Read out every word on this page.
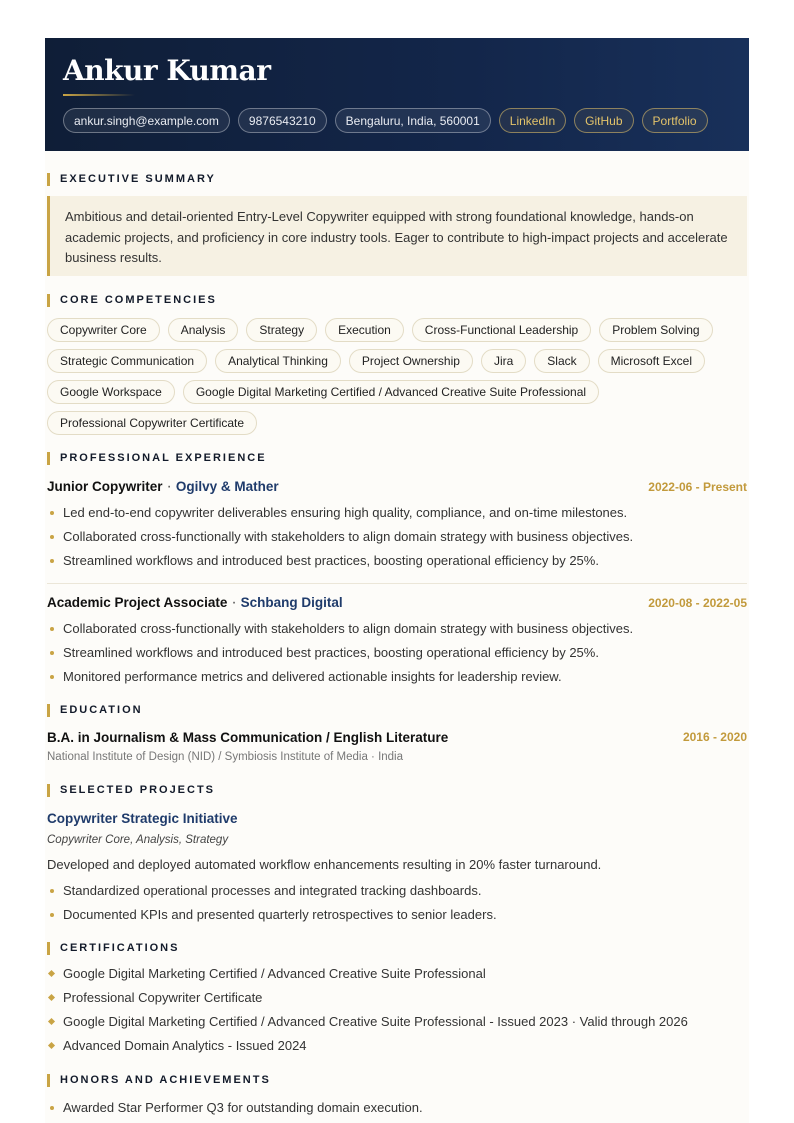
Ankur Kumar
ankur.singh@example.com	9876543210	Bengaluru, India, 560001	LinkedIn	GitHub	Portfolio
EXECUTIVE SUMMARY
Ambitious and detail-oriented Entry-Level Copywriter equipped with strong foundational knowledge, hands-on academic projects, and proficiency in core industry tools. Eager to contribute to high-impact projects and accelerate business results.
CORE COMPETENCIES
Copywriter Core	Analysis	Strategy	Execution	Cross-Functional Leadership	Problem Solving
Strategic Communication	Analytical Thinking	Project Ownership	Jira	Slack	Microsoft Excel
Google Workspace	Google Digital Marketing Certified / Advanced Creative Suite Professional
Professional Copywriter Certificate
PROFESSIONAL EXPERIENCE
Junior Copywriter · Ogilvy & Mather	2022-06 - Present
Led end-to-end copywriter deliverables ensuring high quality, compliance, and on-time milestones.
Collaborated cross-functionally with stakeholders to align domain strategy with business objectives.
Streamlined workflows and introduced best practices, boosting operational efficiency by 25%.
Academic Project Associate · Schbang Digital	2020-08 - 2022-05
Collaborated cross-functionally with stakeholders to align domain strategy with business objectives.
Streamlined workflows and introduced best practices, boosting operational efficiency by 25%.
Monitored performance metrics and delivered actionable insights for leadership review.
EDUCATION
B.A. in Journalism & Mass Communication / English Literature	2016 - 2020
National Institute of Design (NID) / Symbiosis Institute of Media · India
SELECTED PROJECTS
Copywriter Strategic Initiative
Copywriter Core, Analysis, Strategy
Developed and deployed automated workflow enhancements resulting in 20% faster turnaround.
Standardized operational processes and integrated tracking dashboards.
Documented KPIs and presented quarterly retrospectives to senior leaders.
CERTIFICATIONS
Google Digital Marketing Certified / Advanced Creative Suite Professional
Professional Copywriter Certificate
Google Digital Marketing Certified / Advanced Creative Suite Professional - Issued 2023 · Valid through 2026
Advanced Domain Analytics - Issued 2024
HONORS AND ACHIEVEMENTS
Awarded Star Performer Q3 for outstanding domain execution.
